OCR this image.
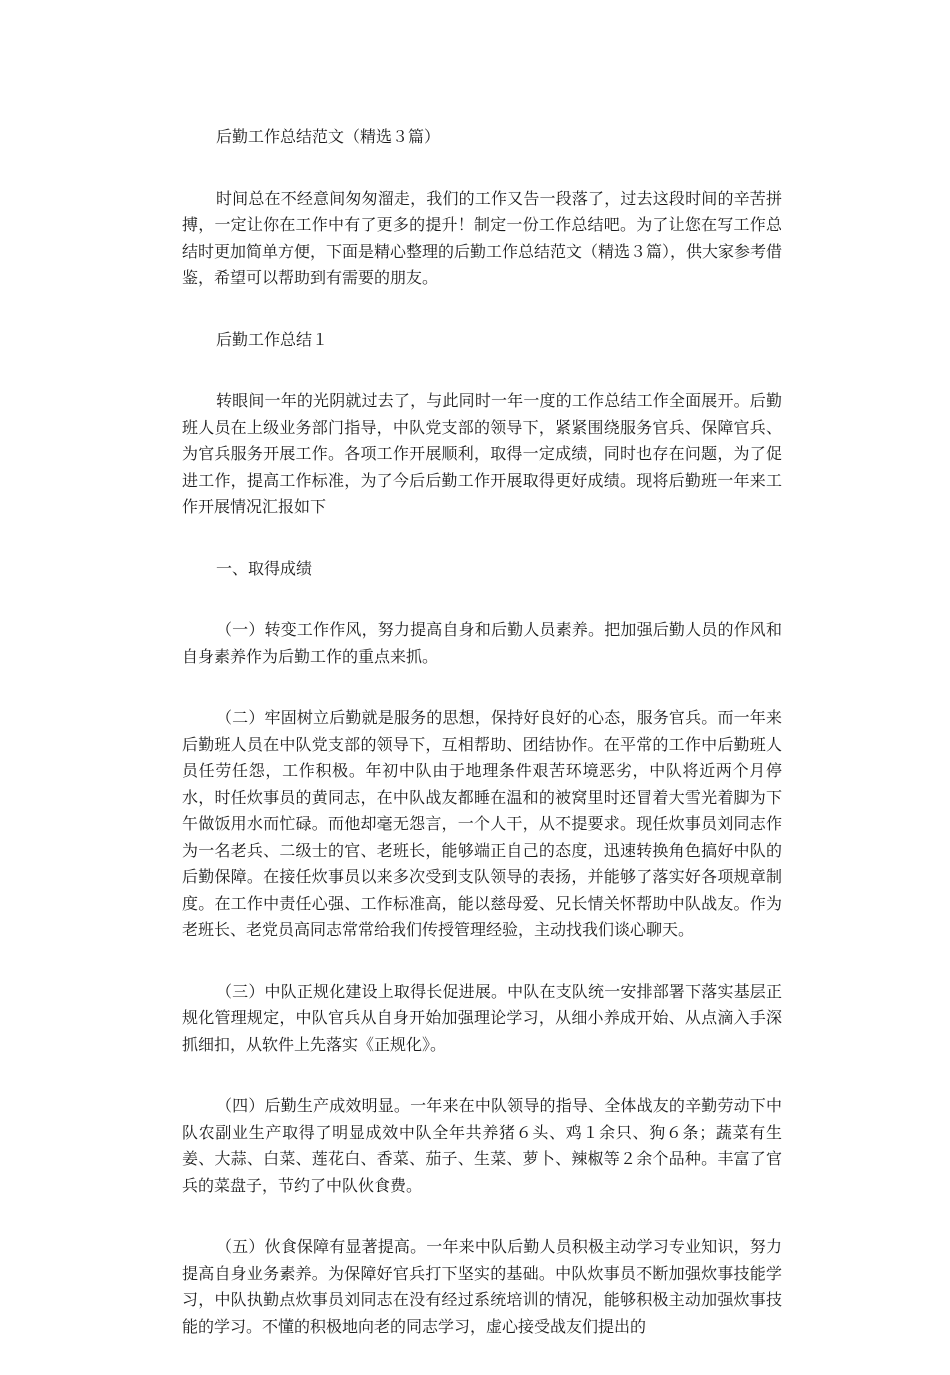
后勤工作总结范文（精选３篇）

时间总在不经意间匆匆溜走，我们的工作又告一段落了，过去这段时间的辛苦拼搏，一定让你在工作中有了更多的提升！制定一份工作总结吧。为了让您在写工作总结时更加简单方便，下面是精心整理的后勤工作总结范文（精选３篇），供大家参考借鉴，希望可以帮助到有需要的朋友。

后勤工作总结１

转眼间一年的光阴就过去了，与此同时一年一度的工作总结工作全面展开。后勤班人员在上级业务部门指导，中队党支部的领导下，紧紧围绕服务官兵、保障官兵、为官兵服务开展工作。各项工作开展顺利，取得一定成绩，同时也存在问题，为了促进工作，提高工作标准，为了今后后勤工作开展取得更好成绩。现将后勤班一年来工作开展情况汇报如下

一、取得成绩

（一）转变工作作风，努力提高自身和后勤人员素养。把加强后勤人员的作风和自身素养作为后勤工作的重点来抓。

（二）牢固树立后勤就是服务的思想，保持好良好的心态，服务官兵。而一年来后勤班人员在中队党支部的领导下，互相帮助、团结协作。在平常的工作中后勤班人员任劳任怨，工作积极。年初中队由于地理条件艰苦环境恶劣，中队将近两个月停水，时任炊事员的黄同志，在中队战友都睡在温和的被窝里时还冒着大雪光着脚为下午做饭用水而忙碌。而他却毫无怨言，一个人干，从不提要求。现任炊事员刘同志作为一名老兵、二级士的官、老班长，能够端正自己的态度，迅速转换角色搞好中队的后勤保障。在接任炊事员以来多次受到支队领导的表扬，并能够了落实好各项规章制度。在工作中责任心强、工作标准高，能以慈母爱、兄长情关怀帮助中队战友。作为老班长、老党员高同志常常给我们传授管理经验，主动找我们谈心聊天。

（三）中队正规化建设上取得长促进展。中队在支队统一安排部署下落实基层正规化管理规定，中队官兵从自身开始加强理论学习，从细小养成开始、从点滴入手深抓细扣，从软件上先落实《正规化》。

（四）后勤生产成效明显。一年来在中队领导的指导、全体战友的辛勤劳动下中队农副业生产取得了明显成效中队全年共养猪６头、鸡１余只、狗６条；蔬菜有生姜、大蒜、白菜、莲花白、香菜、茄子、生菜、萝卜、辣椒等２余个品种。丰富了官兵的菜盘子，节约了中队伙食费。

（五）伙食保障有显著提高。一年来中队后勤人员积极主动学习专业知识，努力提高自身业务素养。为保障好官兵打下坚实的基础。中队炊事员不断加强炊事技能学习，中队执勤点炊事员刘同志在没有经过系统培训的情况，能够积极主动加强炊事技能的学习。不懂的积极地向老的同志学习，虚心接受战友们提出的
